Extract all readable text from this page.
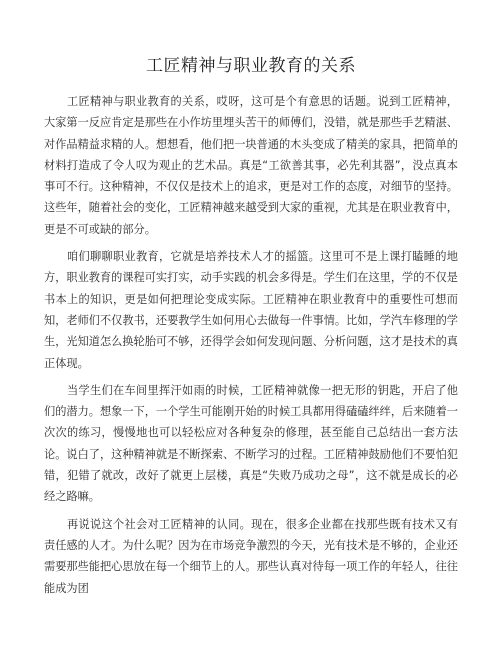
工匠精神与职业教育的关系

工匠精神与职业教育的关系，哎呀，这可是个有意思的话题。说到工匠精神，大家第一反应肯定是那些在小作坊里埋头苦干的师傅们，没错，就是那些手艺精湛、对作品精益求精的人。想想看，他们把一块普通的木头变成了精美的家具，把简单的材料打造成了令人叹为观止的艺术品。真是“工欲善其事，必先利其器”，没点真本事可不行。这种精神，不仅仅是技术上的追求，更是对工作的态度，对细节的坚持。这些年，随着社会的变化，工匠精神越来越受到大家的重视，尤其是在职业教育中，更是不可或缺的部分。

咱们聊聊职业教育，它就是培养技术人才的摇篮。这里可不是上课打瞌睡的地方，职业教育的课程可实打实，动手实践的机会多得是。学生们在这里，学的不仅是书本上的知识，更是如何把理论变成实际。工匠精神在职业教育中的重要性可想而知，老师们不仅教书，还要教学生如何用心去做每一件事情。比如，学汽车修理的学生，光知道怎么换轮胎可不够，还得学会如何发现问题、分析问题，这才是技术的真正体现。

当学生们在车间里挥汗如雨的时候，工匠精神就像一把无形的钥匙，开启了他们的潜力。想象一下，一个学生可能刚开始的时候工具都用得磕磕绊绊，后来随着一次次的练习，慢慢地也可以轻松应对各种复杂的修理，甚至能自己总结出一套方法论。说白了，这种精神就是不断探索、不断学习的过程。工匠精神鼓励他们不要怕犯错，犯错了就改，改好了就更上层楼，真是“失败乃成功之母”，这不就是成长的必经之路嘛。

再说说这个社会对工匠精神的认同。现在，很多企业都在找那些既有技术又有责任感的人才。为什么呢？因为在市场竞争激烈的今天，光有技术是不够的，企业还需要那些能把心思放在每一个细节上的人。那些认真对待每一项工作的年轻人，往往能成为团
